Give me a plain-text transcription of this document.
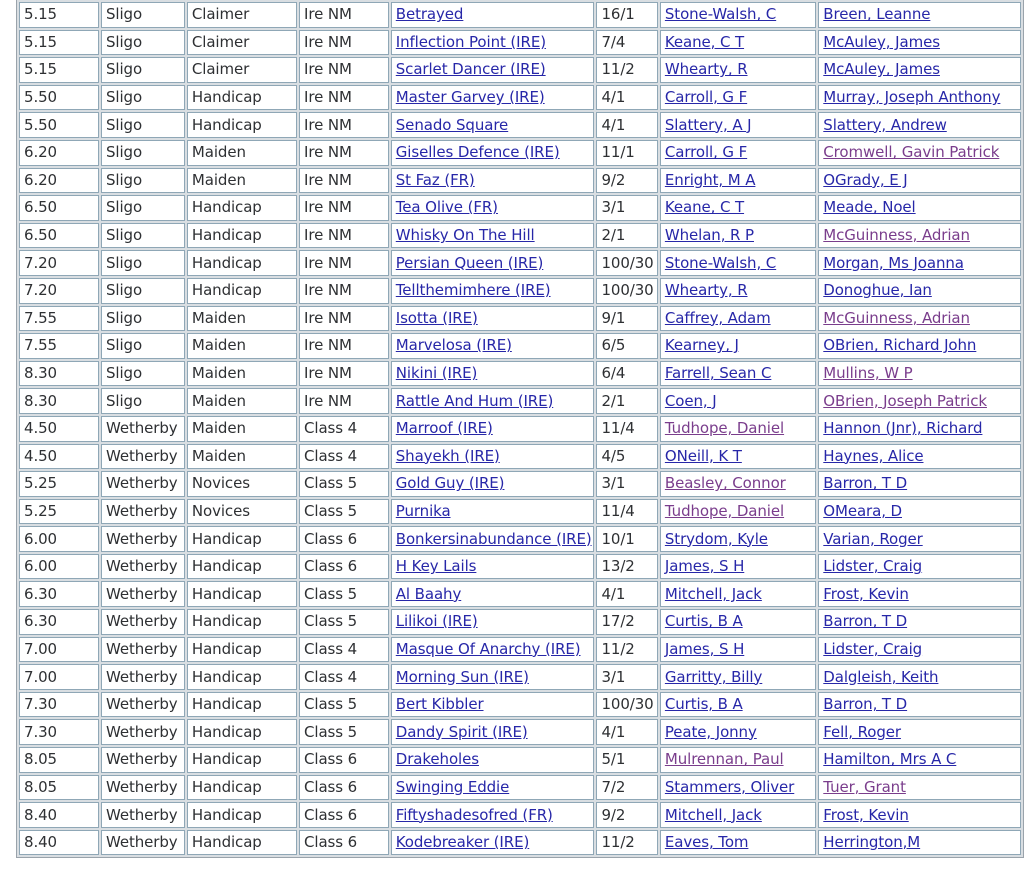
5.15	Sligo	Claimer	Ire NM	Betrayed	16/1	Stone-Walsh, C	Breen, Leanne
5.15	Sligo	Claimer	Ire NM	Inflection Point (IRE)	7/4	Keane, C T	McAuley, James
5.15	Sligo	Claimer	Ire NM	Scarlet Dancer (IRE)	11/2	Whearty, R	McAuley, James
5.50	Sligo	Handicap	Ire NM	Master Garvey (IRE)	4/1	Carroll, G F	Murray, Joseph Anthony
5.50	Sligo	Handicap	Ire NM	Senado Square	4/1	Slattery, A J	Slattery, Andrew
6.20	Sligo	Maiden	Ire NM	Giselles Defence (IRE)	11/1	Carroll, G F	Cromwell, Gavin Patrick
6.20	Sligo	Maiden	Ire NM	St Faz (FR)	9/2	Enright, M A	OGrady, E J
6.50	Sligo	Handicap	Ire NM	Tea Olive (FR)	3/1	Keane, C T	Meade, Noel
6.50	Sligo	Handicap	Ire NM	Whisky On The Hill	2/1	Whelan, R P	McGuinness, Adrian
7.20	Sligo	Handicap	Ire NM	Persian Queen (IRE)	100/30	Stone-Walsh, C	Morgan, Ms Joanna
7.20	Sligo	Handicap	Ire NM	Tellthemimhere (IRE)	100/30	Whearty, R	Donoghue, Ian
7.55	Sligo	Maiden	Ire NM	Isotta (IRE)	9/1	Caffrey, Adam	McGuinness, Adrian
7.55	Sligo	Maiden	Ire NM	Marvelosa (IRE)	6/5	Kearney, J	OBrien, Richard John
8.30	Sligo	Maiden	Ire NM	Nikini (IRE)	6/4	Farrell, Sean C	Mullins, W P
8.30	Sligo	Maiden	Ire NM	Rattle And Hum (IRE)	2/1	Coen, J	OBrien, Joseph Patrick
4.50	Wetherby	Maiden	Class 4	Marroof (IRE)	11/4	Tudhope, Daniel	Hannon (Jnr), Richard
4.50	Wetherby	Maiden	Class 4	Shayekh (IRE)	4/5	ONeill, K T	Haynes, Alice
5.25	Wetherby	Novices	Class 5	Gold Guy (IRE)	3/1	Beasley, Connor	Barron, T D
5.25	Wetherby	Novices	Class 5	Purnika	11/4	Tudhope, Daniel	OMeara, D
6.00	Wetherby	Handicap	Class 6	Bonkersinabundance (IRE)	10/1	Strydom, Kyle	Varian, Roger
6.00	Wetherby	Handicap	Class 6	H Key Lails	13/2	James, S H	Lidster, Craig
6.30	Wetherby	Handicap	Class 5	Al Baahy	4/1	Mitchell, Jack	Frost, Kevin
6.30	Wetherby	Handicap	Class 5	Lilikoi (IRE)	17/2	Curtis, B A	Barron, T D
7.00	Wetherby	Handicap	Class 4	Masque Of Anarchy (IRE)	11/2	James, S H	Lidster, Craig
7.00	Wetherby	Handicap	Class 4	Morning Sun (IRE)	3/1	Garritty, Billy	Dalgleish, Keith
7.30	Wetherby	Handicap	Class 5	Bert Kibbler	100/30	Curtis, B A	Barron, T D
7.30	Wetherby	Handicap	Class 5	Dandy Spirit (IRE)	4/1	Peate, Jonny	Fell, Roger
8.05	Wetherby	Handicap	Class 6	Drakeholes	5/1	Mulrennan, Paul	Hamilton, Mrs A C
8.05	Wetherby	Handicap	Class 6	Swinging Eddie	7/2	Stammers, Oliver	Tuer, Grant
8.40	Wetherby	Handicap	Class 6	Fiftyshadesofred (FR)	9/2	Mitchell, Jack	Frost, Kevin
8.40	Wetherby	Handicap	Class 6	Kodebreaker (IRE)	11/2	Eaves, Tom	Herrington,M
